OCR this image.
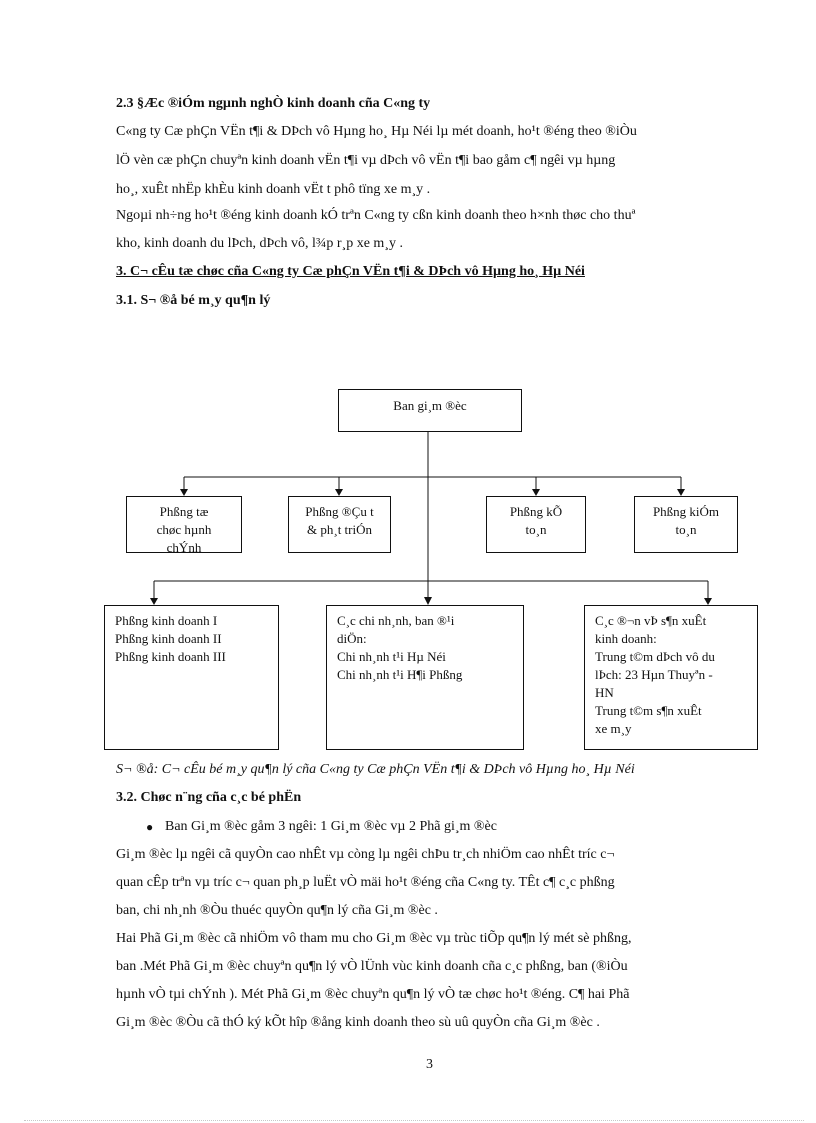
2.3 §Æc ®iÓm ngµnh nghÒ kinh doanh cña C«ng ty
C«ng ty Cæ phÇn VËn t¶i & DÞch vô Hµng ho¸ Hµ Néi lµ mét doanh, ho¹t ®éng theo ®iÒu
lÖ vèn cæ phÇn chuyªn kinh doanh vËn t¶i vµ dÞch vô vËn t¶i bao gåm c¶ ngêi vµ hµng
ho¸, xuÊt nhËp khÈu kinh doanh vËt t phô tïng xe m¸y .
Ngoµi nh÷ng ho¹t ®éng kinh doanh kÓ trªn C«ng ty cßn kinh doanh theo h×nh thøc cho thuª
kho, kinh doanh du lÞch, dÞch vô, l¾p r¸p xe m¸y .
3. C¬ cÊu tæ chøc cña C«ng ty Cæ phÇn VËn t¶i & DÞch vô Hµng ho¸ Hµ Néi
3.1. S¬ ®å bé m¸y qu¶n lý
Ban gi¸m ®èc
Phßng tæ
chøc hµnh
chÝnh
Phßng ®Çu t
& ph¸t triÓn
Phßng kÕ
to¸n
Phßng kiÓm
to¸n
Phßng kinh doanh I
Phßng kinh doanh II
Phßng kinh doanh III
C¸c chi nh¸nh, ban ®¹i
diÖn:
Chi nh¸nh t¹i Hµ Néi
Chi nh¸nh t¹i H¶i Phßng
C¸c ®¬n vÞ s¶n xuÊt
kinh doanh:
Trung t©m dÞch vô du
lÞch: 23 Hµn Thuyªn -
HN
Trung t©m s¶n xuÊt
xe m¸y
S¬ ®å: C¬ cÊu bé m¸y qu¶n lý cña C«ng ty Cæ phÇn VËn t¶i & DÞch vô Hµng ho¸ Hµ Néi
3.2. Chøc n¨ng cña c¸c bé phËn
● Ban Gi¸m ®èc gåm 3 ngêi: 1 Gi¸m ®èc vµ 2 Phã gi¸m ®èc
Gi¸m ®èc lµ ngêi cã quyÒn cao nhÊt vµ còng lµ ngêi chÞu tr¸ch nhiÖm cao nhÊt tríc c¬
quan cÊp trªn vµ tríc c¬ quan ph¸p luËt vÒ mäi ho¹t ®éng cña C«ng ty. TÊt c¶ c¸c phßng
ban, chi nh¸nh ®Òu thuéc quyÒn qu¶n lý cña Gi¸m ®èc .
Hai Phã Gi¸m ®èc cã nhiÖm vô tham mu cho Gi¸m ®èc vµ trùc tiÕp qu¶n lý mét sè phßng,
ban .Mét Phã Gi¸m ®èc chuyªn qu¶n lý vÒ lÜnh vùc kinh doanh cña c¸c phßng, ban (®iÒu
hµnh vÒ tµi chÝnh ). Mét Phã Gi¸m ®èc chuyªn qu¶n lý vÒ tæ chøc ho¹t ®éng. C¶ hai Phã
Gi¸m ®èc ®Òu cã thÓ ký kÕt hîp ®ång kinh doanh theo sù uû quyÒn cña Gi¸m ®èc .
3
